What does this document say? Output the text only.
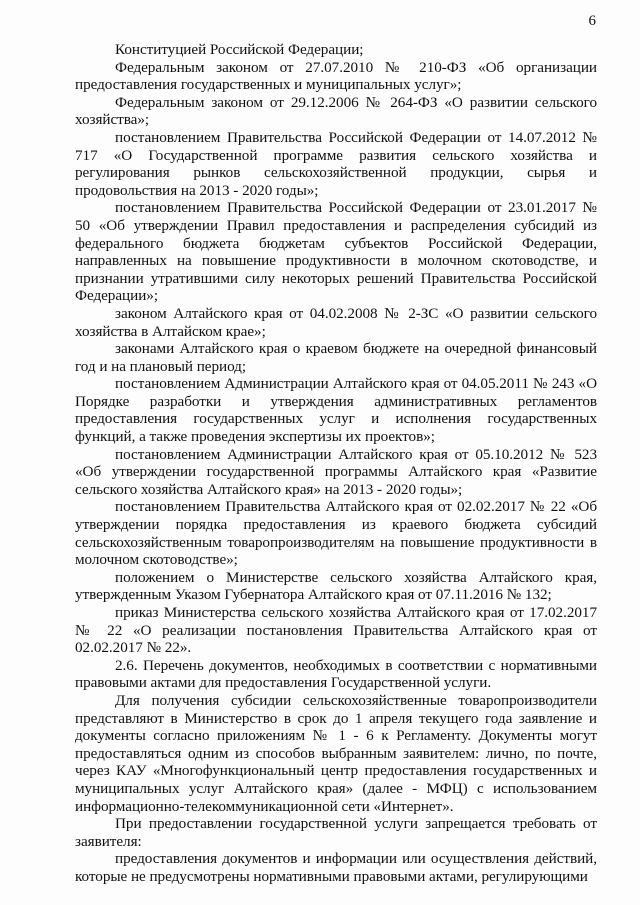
6

Конституцией Российской Федерации;

Федеральным законом от 27.07.2010 № 210-ФЗ «Об организации предоставления государственных и муниципальных услуг»;

Федеральным законом от 29.12.2006 № 264-ФЗ «О развитии сельского хозяйства»;

постановлением Правительства Российской Федерации от 14.07.2012 № 717 «О Государственной программе развития сельского хозяйства и регулирования рынков сельскохозяйственной продукции, сырья и продовольствия на 2013 - 2020 годы»;

постановлением Правительства Российской Федерации от 23.01.2017 № 50 «Об утверждении Правил предоставления и распределения субсидий из федерального бюджета бюджетам субъектов Российской Федерации, направленных на повышение продуктивности в молочном скотоводстве, и признании утратившими силу некоторых решений Правительства Российской Федерации»;

законом Алтайского края от 04.02.2008 № 2-ЗС «О развитии сельского хозяйства в Алтайском крае»;

законами Алтайского края о краевом бюджете на очередной финансовый год и на плановый период;

постановлением Администрации Алтайского края от 04.05.2011 № 243 «О Порядке разработки и утверждения административных регламентов предоставления государственных услуг и исполнения государственных функций, а также проведения экспертизы их проектов»;

постановлением Администрации Алтайского края от 05.10.2012 № 523 «Об утверждении государственной программы Алтайского края «Развитие сельского хозяйства Алтайского края» на 2013 - 2020 годы»;

постановлением Правительства Алтайского края от 02.02.2017 № 22 «Об утверждении порядка предоставления из краевого бюджета субсидий сельскохозяйственным товаропроизводителям на повышение продуктивности в молочном скотоводстве»;

положением о Министерстве сельского хозяйства Алтайского края, утвержденным Указом Губернатора Алтайского края от 07.11.2016 № 132;

приказ Министерства сельского хозяйства Алтайского края от 17.02.2017 № 22 «О реализации постановления Правительства Алтайского края от 02.02.2017 № 22».

2.6. Перечень документов, необходимых в соответствии с нормативными правовыми актами для предоставления Государственной услуги.

Для получения субсидии сельскохозяйственные товаропроизводители представляют в Министерство в срок до 1 апреля текущего года заявление и документы согласно приложениям № 1 - 6 к Регламенту. Документы могут предоставляться одним из способов выбранным заявителем: лично, по почте, через КАУ «Многофункциональный центр предоставления государственных и муниципальных услуг Алтайского края» (далее - МФЦ) с использованием информационно-телекоммуникационной сети «Интернет».

При предоставлении государственной услуги запрещается требовать от заявителя:

предоставления документов и информации или осуществления действий, которые не предусмотрены нормативными правовыми актами, регулирующими
